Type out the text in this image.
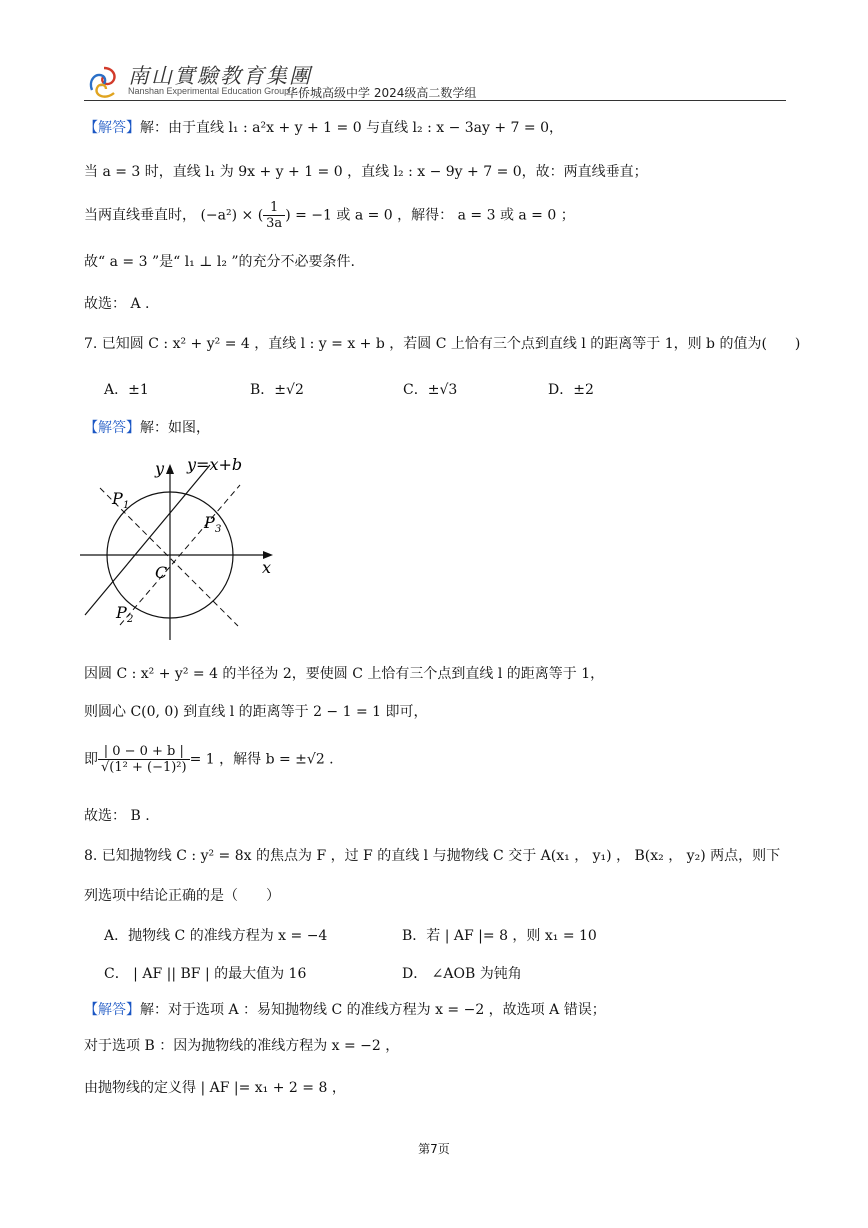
南山實驗教育集團
Nanshan Experimental Education Group
华侨城高级中学 2024级高二数学组
【解答】解：由于直线 l₁ : a²x + y + 1 = 0 与直线 l₂ : x − 3ay + 7 = 0，
当 a = 3 时，直线 l₁ 为 9x + y + 1 = 0 ，直线 l₂ : x − 9y + 7 = 0，故：两直线垂直；
当两直线垂直时， (−a²) × ( $\frac{1}{3a}$ ) = −1 或 a = 0 ，解得： a = 3 或 a = 0 ；
故“ a = 3 ”是“ l₁ ⊥ l₂ ”的充分不必要条件.
故选： A .
7. 已知圆 C : x² + y² = 4 ，直线 l : y = x + b ，若圆 C 上恰有三个点到直线 l 的距离等于 1，则 b 的值为(　　)
A．±1	B．±√2	C．±√3	D．±2
【解答】解：如图，
y y=x+b
x
C
P 1
P 3
P 2
因圆 C : x² + y² = 4 的半径为 2，要使圆 C 上恰有三个点到直线 l 的距离等于 1，
则圆心 C(0, 0) 到直线 l 的距离等于 2 − 1 = 1 即可，
即 $\frac{| 0 - 0 + b |}{\text{√(1² + (−1)²)}} = 1$ ，解得 b = ±√2 .
故选： B .
8. 已知抛物线 C : y² = 8x 的焦点为 F ，过 F 的直线 l 与抛物线 C 交于 A(x₁ ， y₁) ， B(x₂ ， y₂) 两点，则下
列选项中结论正确的是（　　）
A．抛物线 C 的准线方程为 x = −4	B．若 | AF |= 8 ，则 x₁ = 10
C． | AF || BF | 的最大值为 16	D． ∠AOB 为钝角
【解答】解：对于选项 A ：易知抛物线 C 的准线方程为 x = −2 ，故选项 A 错误；
对于选项 B ：因为抛物线的准线方程为 x = −2 ，
由抛物线的定义得 | AF |= x₁ + 2 = 8 ，
第7页
